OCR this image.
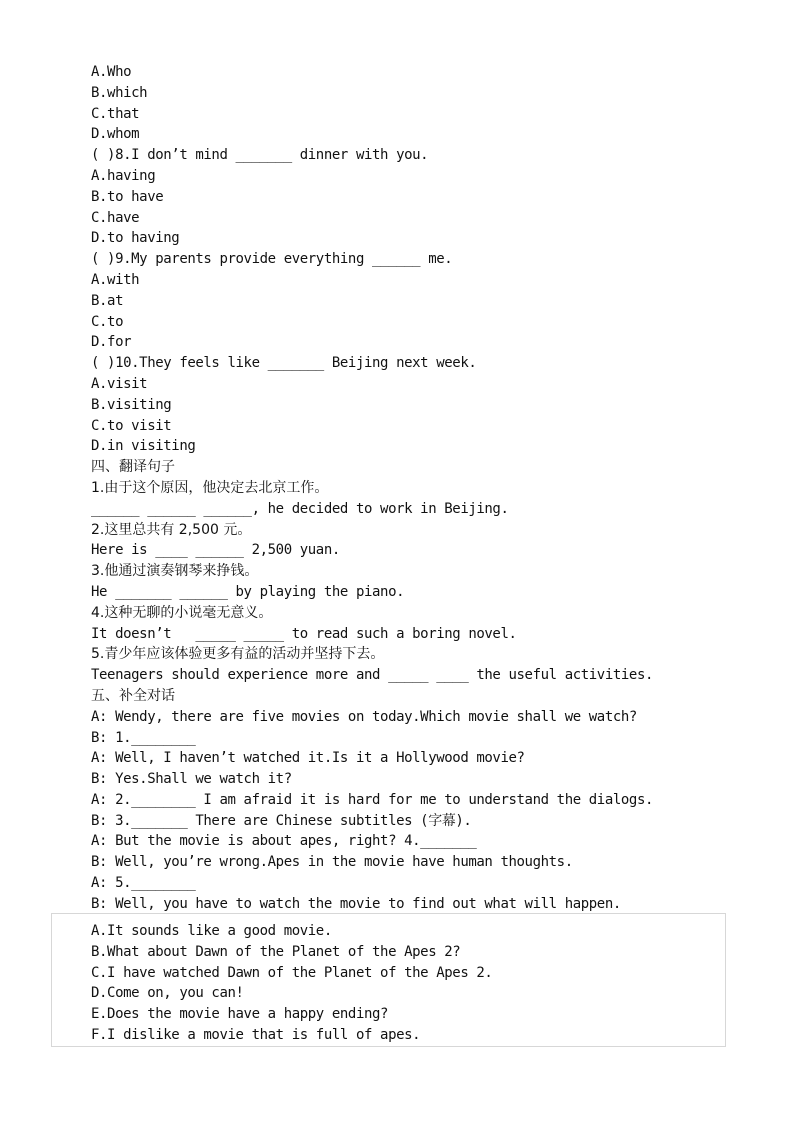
A.Who
B.which
C.that
D.whom
( )8.I don’t mind _______ dinner with you.
A.having
B.to have
C.have
D.to having
( )9.My parents provide everything ______ me.
A.with
B.at
C.to
D.for
( )10.They feels like _______ Beijing next week.
A.visit
B.visiting
C.to visit
D.in visiting
四、翻译句子
1.由于这个原因，他决定去北京工作。
______ ______ ______, he decided to work in Beijing.
2.这里总共有 2,500 元。
Here is ____ ______ 2,500 yuan.
3.他通过演奏钢琴来挣钱。
He _______ ______ by playing the piano.
4.这种无聊的小说毫无意义。
It doesn’t   _____ _____ to read such a boring novel.
5.青少年应该体验更多有益的活动并坚持下去。
Teenagers should experience more and _____ ____ the useful activities.
五、补全对话
A: Wendy, there are five movies on today.Which movie shall we watch?
B: 1.________
A: Well, I haven’t watched it.Is it a Hollywood movie?
B: Yes.Shall we watch it?
A: 2.________ I am afraid it is hard for me to understand the dialogs.
B: 3._______ There are Chinese subtitles (字幕).
A: But the movie is about apes, right? 4._______
B: Well, you’re wrong.Apes in the movie have human thoughts.
A: 5.________
B: Well, you have to watch the movie to find out what will happen.
A.It sounds like a good movie.
B.What about Dawn of the Planet of the Apes 2?
C.I have watched Dawn of the Planet of the Apes 2.
D.Come on, you can!
E.Does the movie have a happy ending?
F.I dislike a movie that is full of apes.
